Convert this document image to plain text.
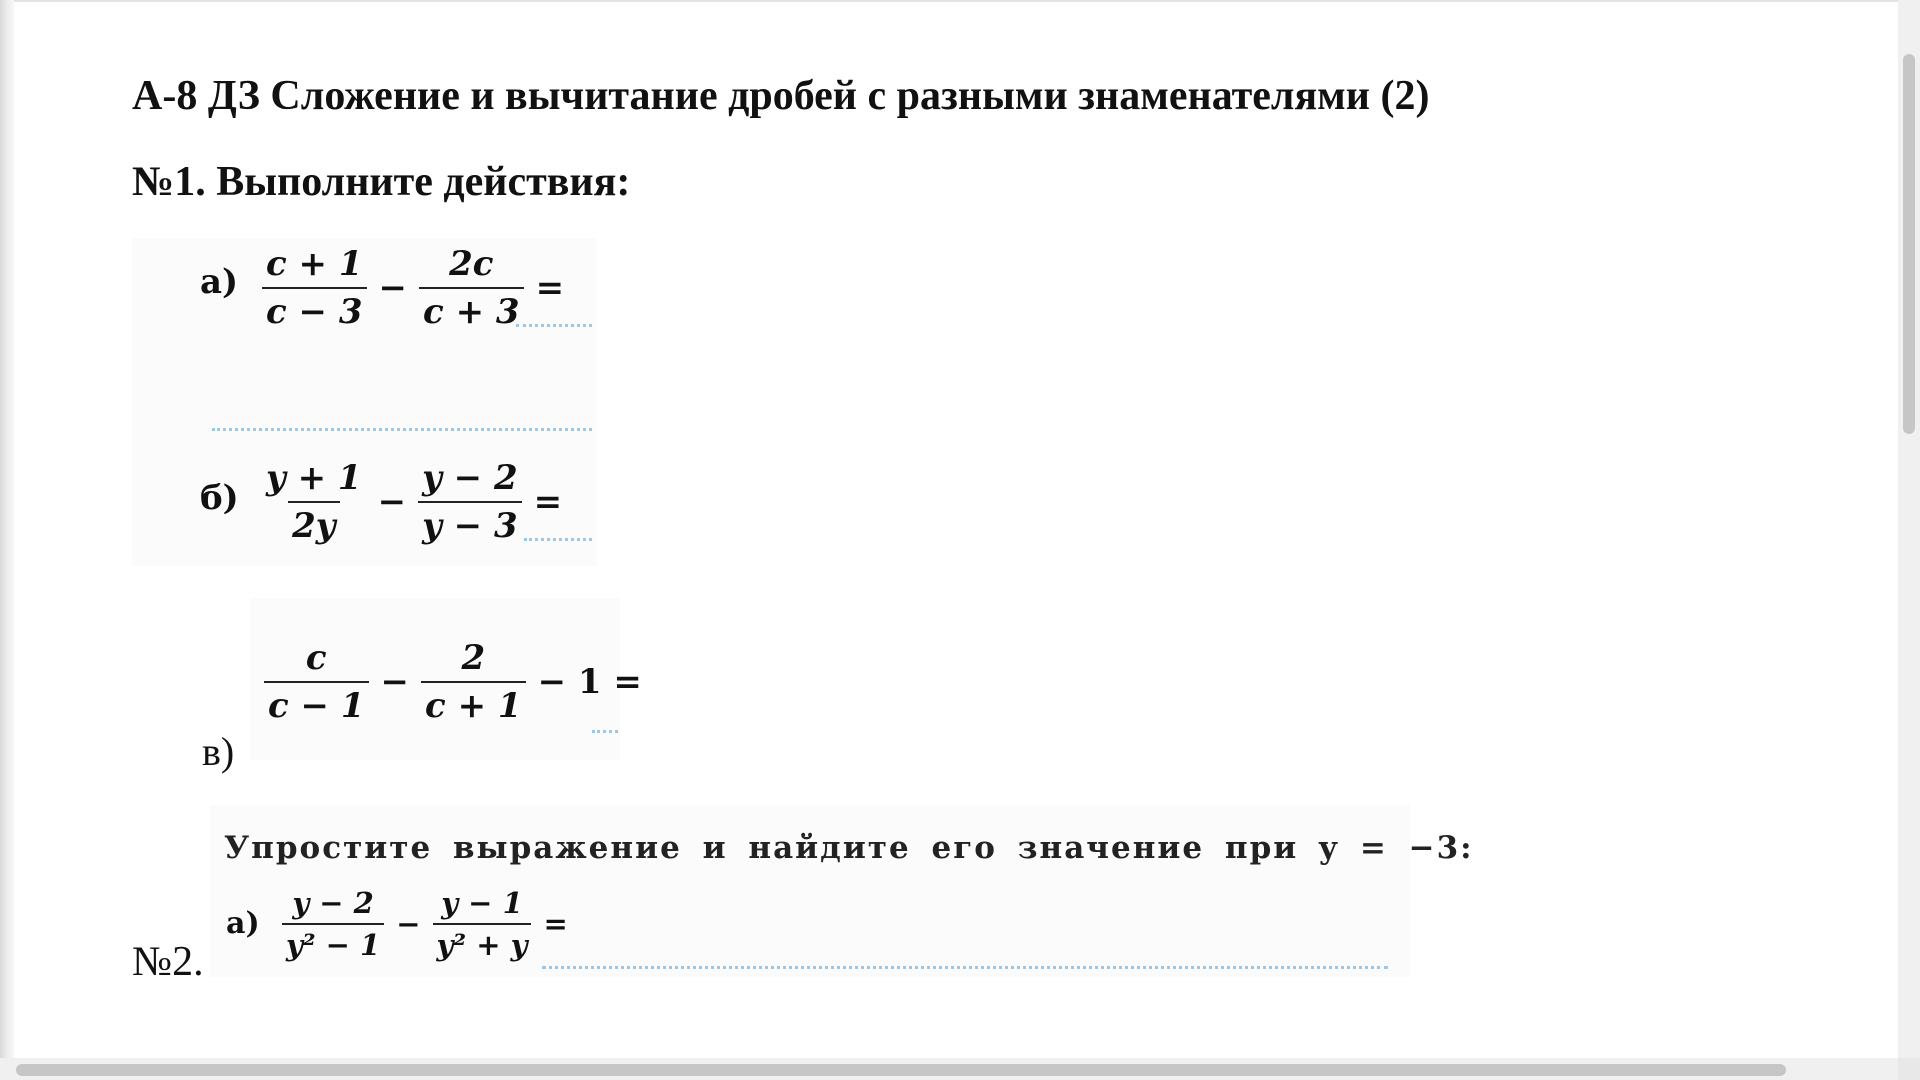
А-8 ДЗ Сложение и вычитание дробей с разными знаменателями (2)
№1. Выполните действия:
$а) \frac{c + 1}{c - 3} - \frac{2c}{c + 3}$ =
$б) \frac{y + 1}{2y} - \frac{y - 2}{y - 3}$ =
$\frac{c}{c - 1} - \frac{2}{c + 1} - 1$ =
в)
Упростите выражение и найдите его значение при y = −3:
$а) \frac{y - 2}{\text{y² − 1}} - \frac{y - 1}{\text{y² + y}}$ =
№2.
